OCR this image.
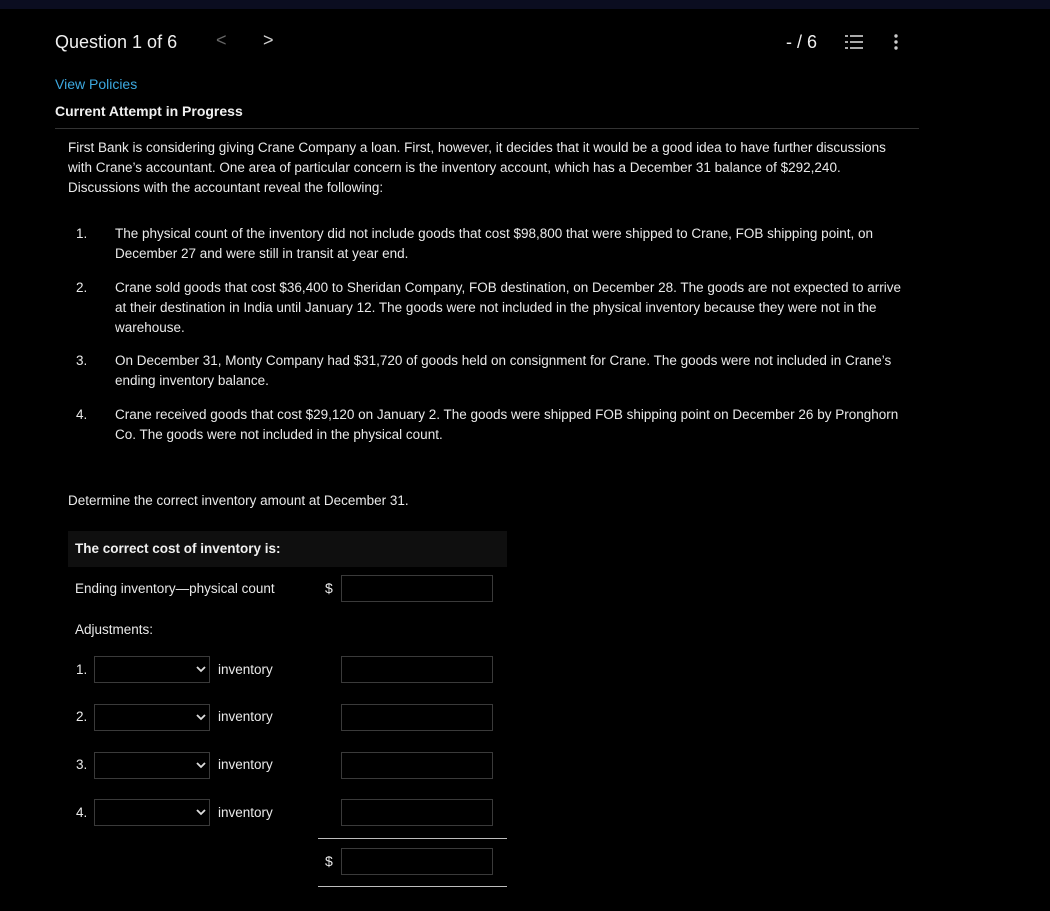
Question 1 of 6 < >	- / 6
View Policies
Current Attempt in Progress
First Bank is considering giving Crane Company a loan. First, however, it decides that it would be a good idea to have further discussions with Crane’s accountant. One area of particular concern is the inventory account, which has a December 31 balance of $292,240. Discussions with the accountant reveal the following:
1. The physical count of the inventory did not include goods that cost $98,800 that were shipped to Crane, FOB shipping point, on December 27 and were still in transit at year end.
2. Crane sold goods that cost $36,400 to Sheridan Company, FOB destination, on December 28. The goods are not expected to arrive at their destination in India until January 12. The goods were not included in the physical inventory because they were not in the warehouse.
3. On December 31, Monty Company had $31,720 of goods held on consignment for Crane. The goods were not included in Crane’s ending inventory balance.
4. Crane received goods that cost $29,120 on January 2. The goods were shipped FOB shipping point on December 26 by Pronghorn Co. The goods were not included in the physical count.
Determine the correct inventory amount at December 31.
The correct cost of inventory is:
Ending inventory—physical count	$
Adjustments:
1.	inventory
2.	inventory
3.	inventory
4.	inventory
$
